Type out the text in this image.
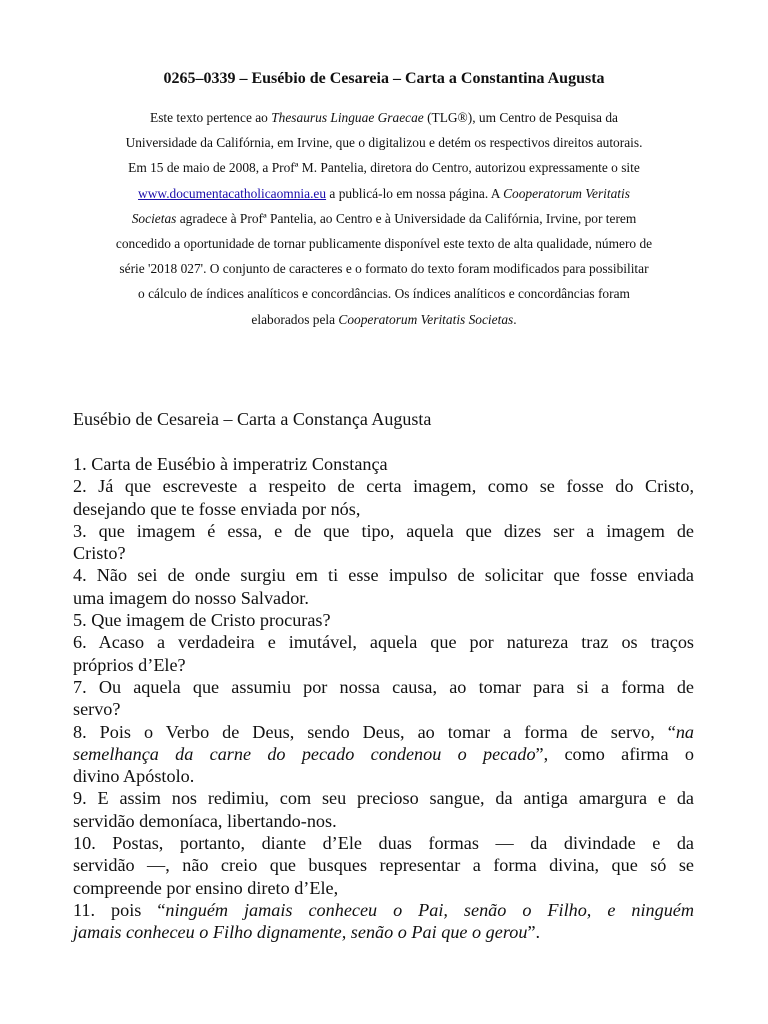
0265–0339 – Eusébio de Cesareia – Carta a Constantina Augusta
Este texto pertence ao Thesaurus Linguae Graecae (TLG®), um Centro de Pesquisa da
Universidade da Califórnia, em Irvine, que o digitalizou e detém os respectivos direitos autorais.
Em 15 de maio de 2008, a Profª M. Pantelia, diretora do Centro, autorizou expressamente o site
www.documentacatholicaomnia.eu a publicá-lo em nossa página. A Cooperatorum Veritatis
Societas agradece à Profª Pantelia, ao Centro e à Universidade da Califórnia, Irvine, por terem
concedido a oportunidade de tornar publicamente disponível este texto de alta qualidade, número de
série '2018 027'. O conjunto de caracteres e o formato do texto foram modificados para possibilitar
o cálculo de índices analíticos e concordâncias. Os índices analíticos e concordâncias foram
elaborados pela Cooperatorum Veritatis Societas.
Eusébio de Cesareia – Carta a Constança Augusta
1. Carta de Eusébio à imperatriz Constança
2. Já que escreveste a respeito de certa imagem, como se fosse do Cristo,
desejando que te fosse enviada por nós,
3. que imagem é essa, e de que tipo, aquela que dizes ser a imagem de
Cristo?
4. Não sei de onde surgiu em ti esse impulso de solicitar que fosse enviada
uma imagem do nosso Salvador.
5. Que imagem de Cristo procuras?
6. Acaso a verdadeira e imutável, aquela que por natureza traz os traços
próprios d’Ele?
7. Ou aquela que assumiu por nossa causa, ao tomar para si a forma de
servo?
8. Pois o Verbo de Deus, sendo Deus, ao tomar a forma de servo, “na
semelhança da carne do pecado condenou o pecado”, como afirma o
divino Apóstolo.
9. E assim nos redimiu, com seu precioso sangue, da antiga amargura e da
servidão demoníaca, libertando-nos.
10. Postas, portanto, diante d’Ele duas formas — da divindade e da
servidão —, não creio que busques representar a forma divina, que só se
compreende por ensino direto d’Ele,
11. pois “ninguém jamais conheceu o Pai, senão o Filho, e ninguém
jamais conheceu o Filho dignamente, senão o Pai que o gerou”.
